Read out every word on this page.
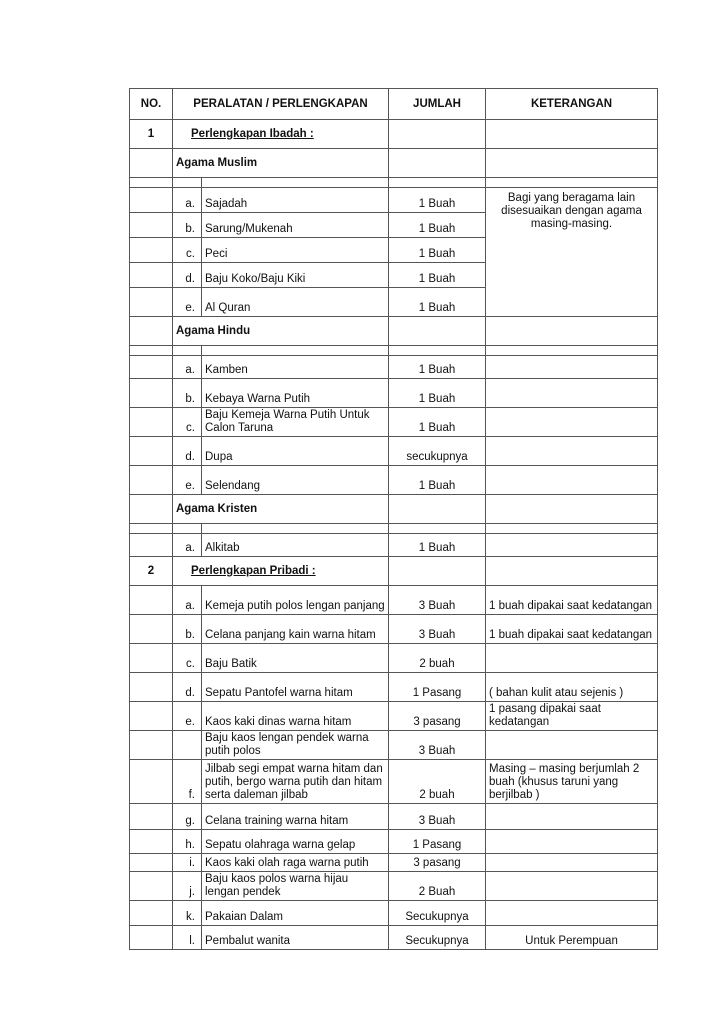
NO.	PERALATAN / PERLENGKAPAN		JUMLAH	KETERANGAN
1	Perlengkapan Ibadah :			
	Agama Muslim			

	a.	Sajadah	1 Buah	Bagi yang beragama lain disesuaikan dengan agama masing-masing.
	b.	Sarung/Mukenah	1 Buah	
	c.	Peci	1 Buah	
	d.	Baju Koko/Baju Kiki	1 Buah	
	e.	Al Quran	1 Buah	
	Agama Hindu			

	a.	Kamben	1 Buah	
	b.	Kebaya Warna Putih	1 Buah	
	c.	Baju Kemeja Warna Putih Untuk Calon Taruna	1 Buah	
	d.	Dupa	secukupnya	
	e.	Selendang	1 Buah	
	Agama Kristen			

	a.	Alkitab	1 Buah	
2	Perlengkapan Pribadi :			
	a.	Kemeja putih polos lengan panjang	3 Buah	1 buah dipakai saat kedatangan
	b.	Celana panjang kain warna hitam	3 Buah	1 buah dipakai saat kedatangan
	c.	Baju Batik	2 buah	
	d.	Sepatu Pantofel warna hitam	1 Pasang	( bahan kulit atau sejenis )
	e.	Kaos kaki dinas warna hitam	3 pasang	1 pasang dipakai saat kedatangan
		Baju kaos lengan pendek warna putih polos	3 Buah	
	f.	Jilbab segi empat warna hitam dan putih, bergo warna putih dan hitam serta daleman jilbab	2 buah	Masing – masing berjumlah 2 buah (khusus taruni yang berjilbab )
	g.	Celana training warna hitam	3 Buah	
	h.	Sepatu olahraga warna gelap	1 Pasang	
	i.	Kaos kaki olah raga warna putih	3 pasang	
	j.	Baju kaos polos warna hijau lengan pendek	2 Buah	
	k.	Pakaian Dalam	Secukupnya	
	l.	Pembalut wanita	Secukupnya	Untuk Perempuan
